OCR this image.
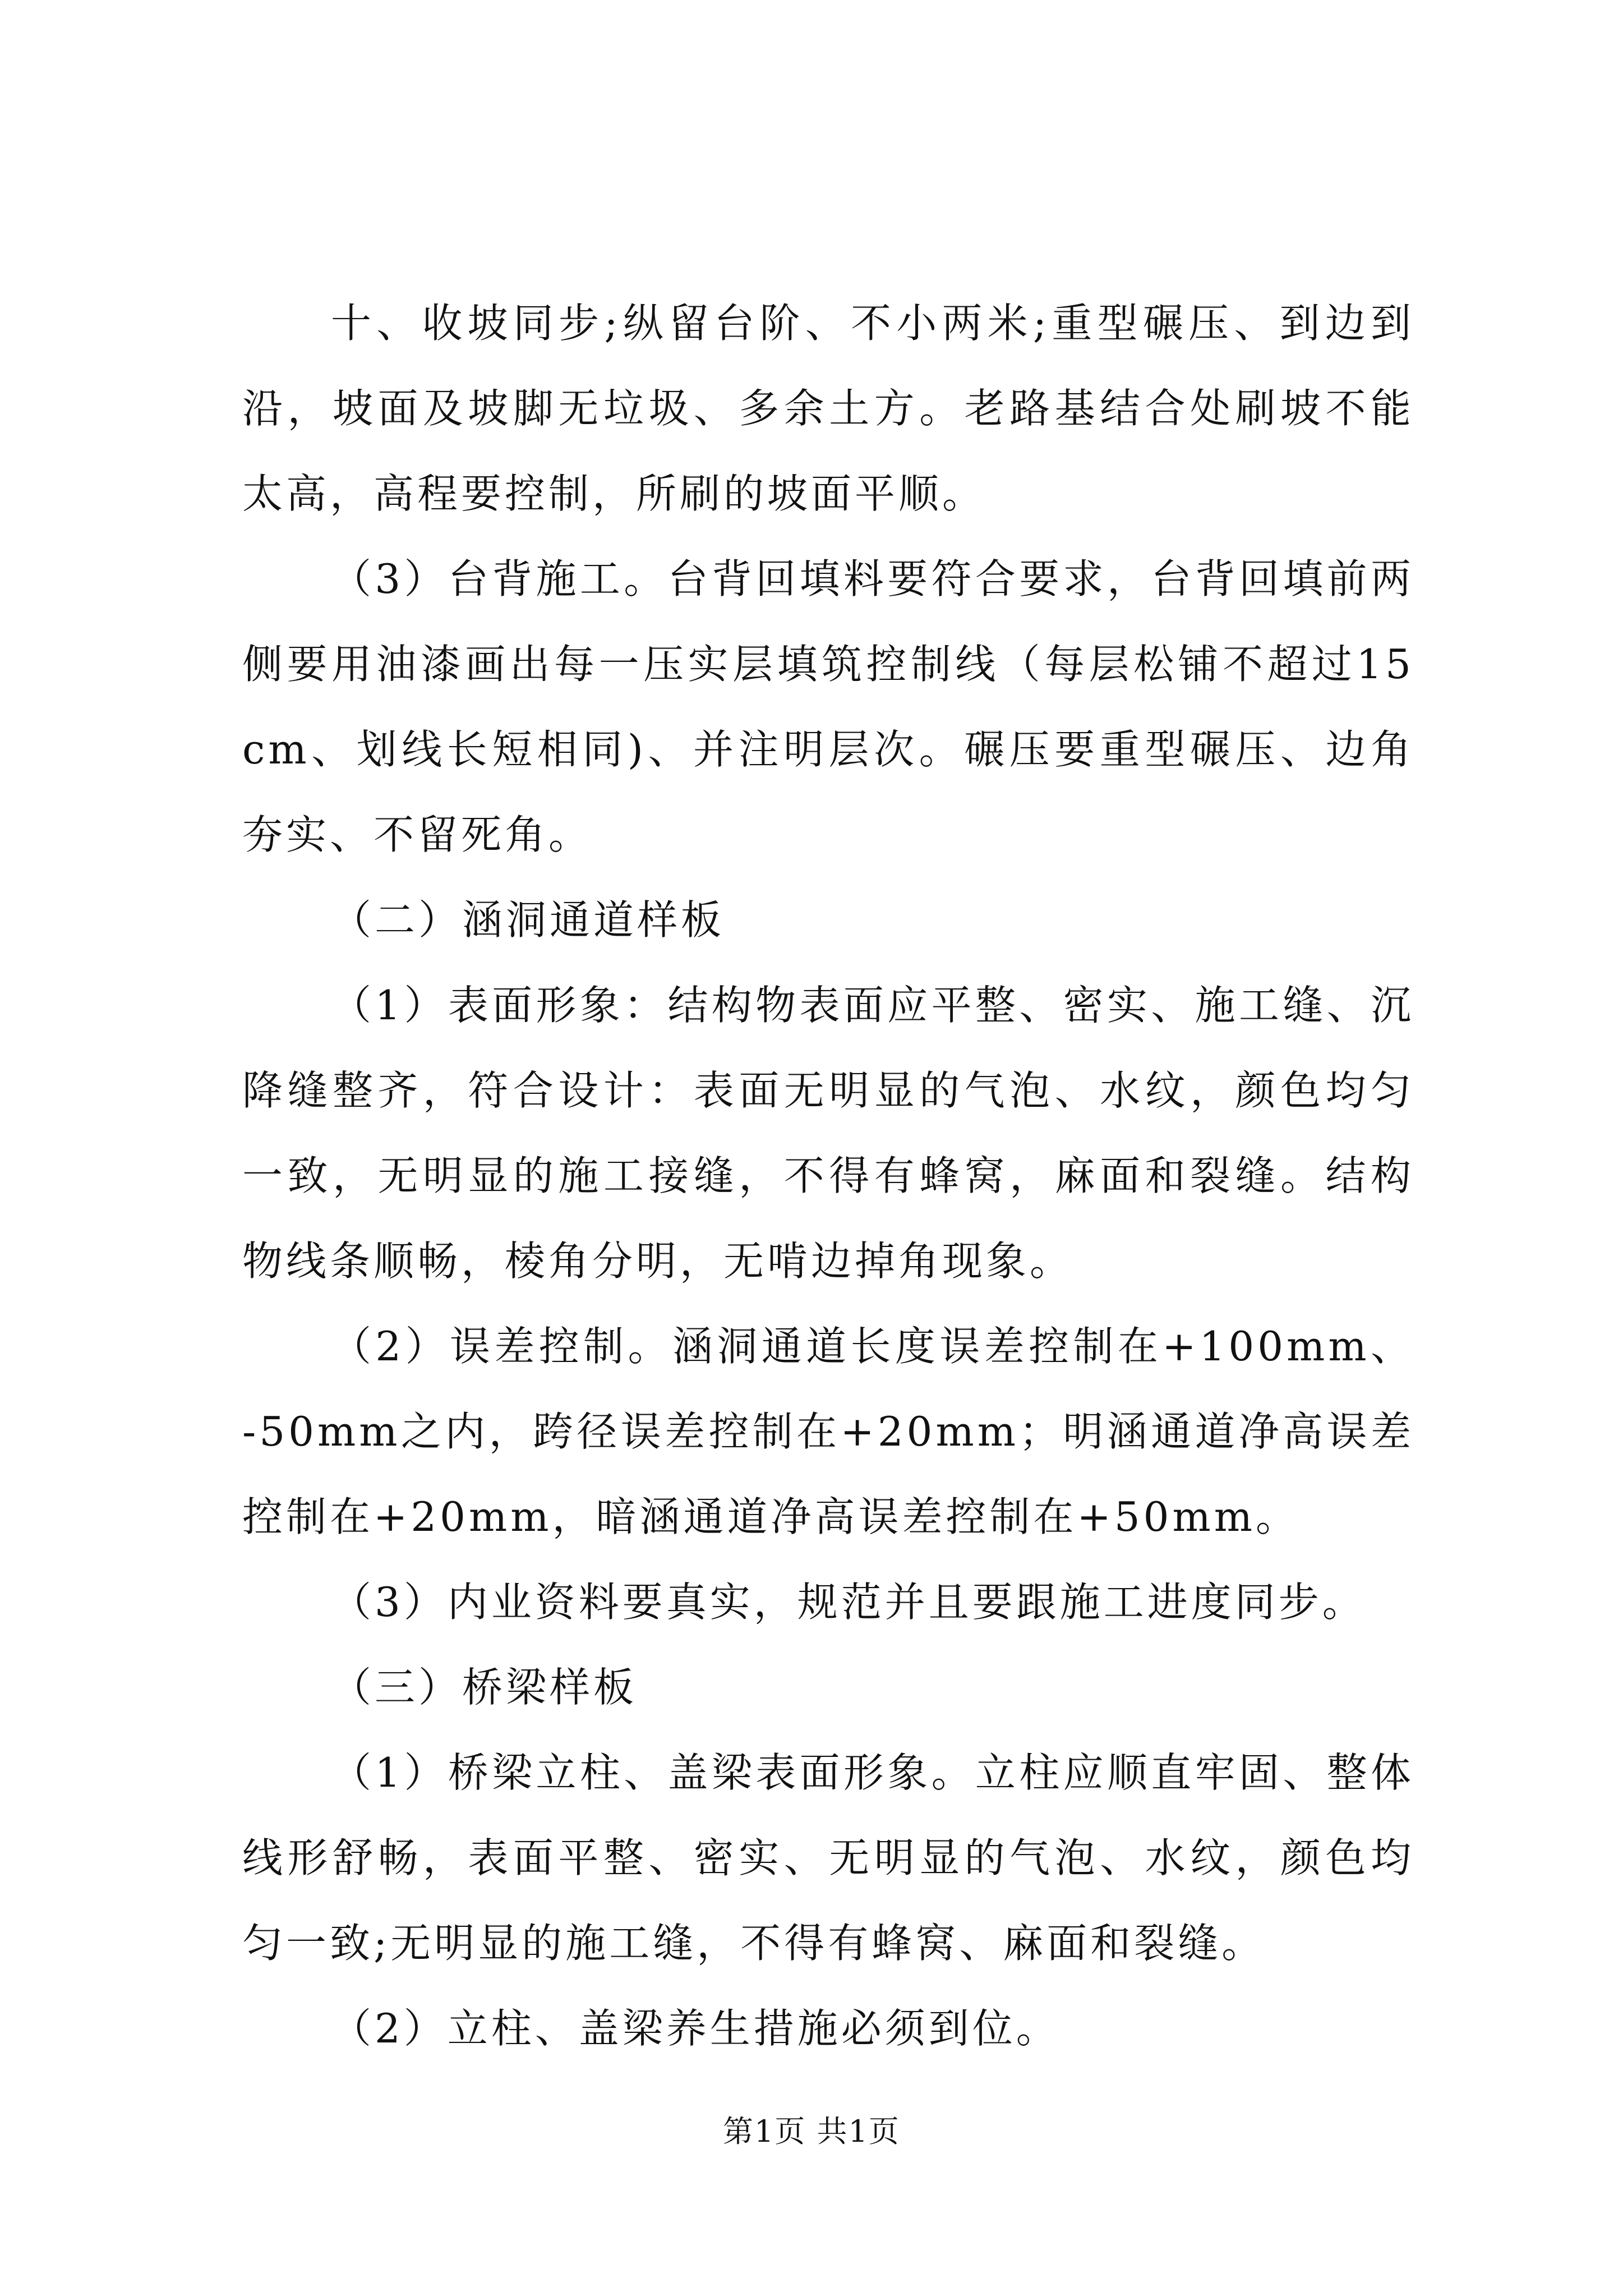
十、收坡同步;纵留台阶、不小两米;重型碾压、到边到沿，坡面及坡脚无垃圾、多余土方。老路基结合处刷坡不能太高，高程要控制，所刷的坡面平顺。

（3）台背施工。台背回填料要符合要求，台背回填前两侧要用油漆画出每一压实层填筑控制线（每层松铺不超过15cm、划线长短相同)、并注明层次。碾压要重型碾压、边角夯实、不留死角。

（二）涵洞通道样板

（1）表面形象：结构物表面应平整、密实、施工缝、沉降缝整齐，符合设计：表面无明显的气泡、水纹，颜色均匀一致，无明显的施工接缝，不得有蜂窝，麻面和裂缝。结构物线条顺畅，棱角分明，无啃边掉角现象。

（2）误差控制。涵洞通道长度误差控制在+100mm、-50mm之内，跨径误差控制在+20mm；明涵通道净高误差控制在+20mm，暗涵通道净高误差控制在+50mm。

（3）内业资料要真实，规范并且要跟施工进度同步。

（三）桥梁样板

（1）桥梁立柱、盖梁表面形象。立柱应顺直牢固、整体线形舒畅，表面平整、密实、无明显的气泡、水纹，颜色均匀一致;无明显的施工缝，不得有蜂窝、麻面和裂缝。

（2）立柱、盖梁养生措施必须到位。

第1页 共1页
